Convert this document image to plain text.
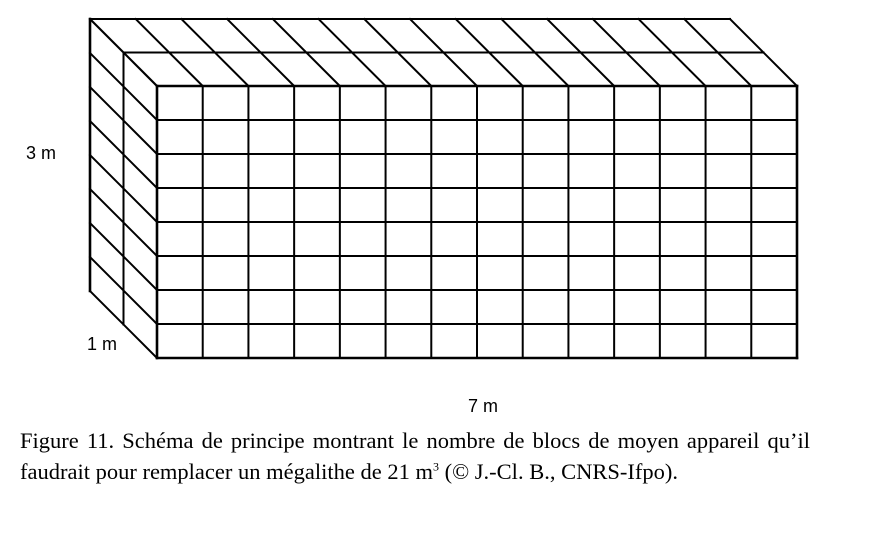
3 m
1 m
7 m

Figure 11. Schéma de principe montrant le nombre de blocs de moyen appareil qu’il faudrait pour remplacer un mégalithe de 21 $m^3$ (© J.-Cl. B., CNRS-Ifpo).
